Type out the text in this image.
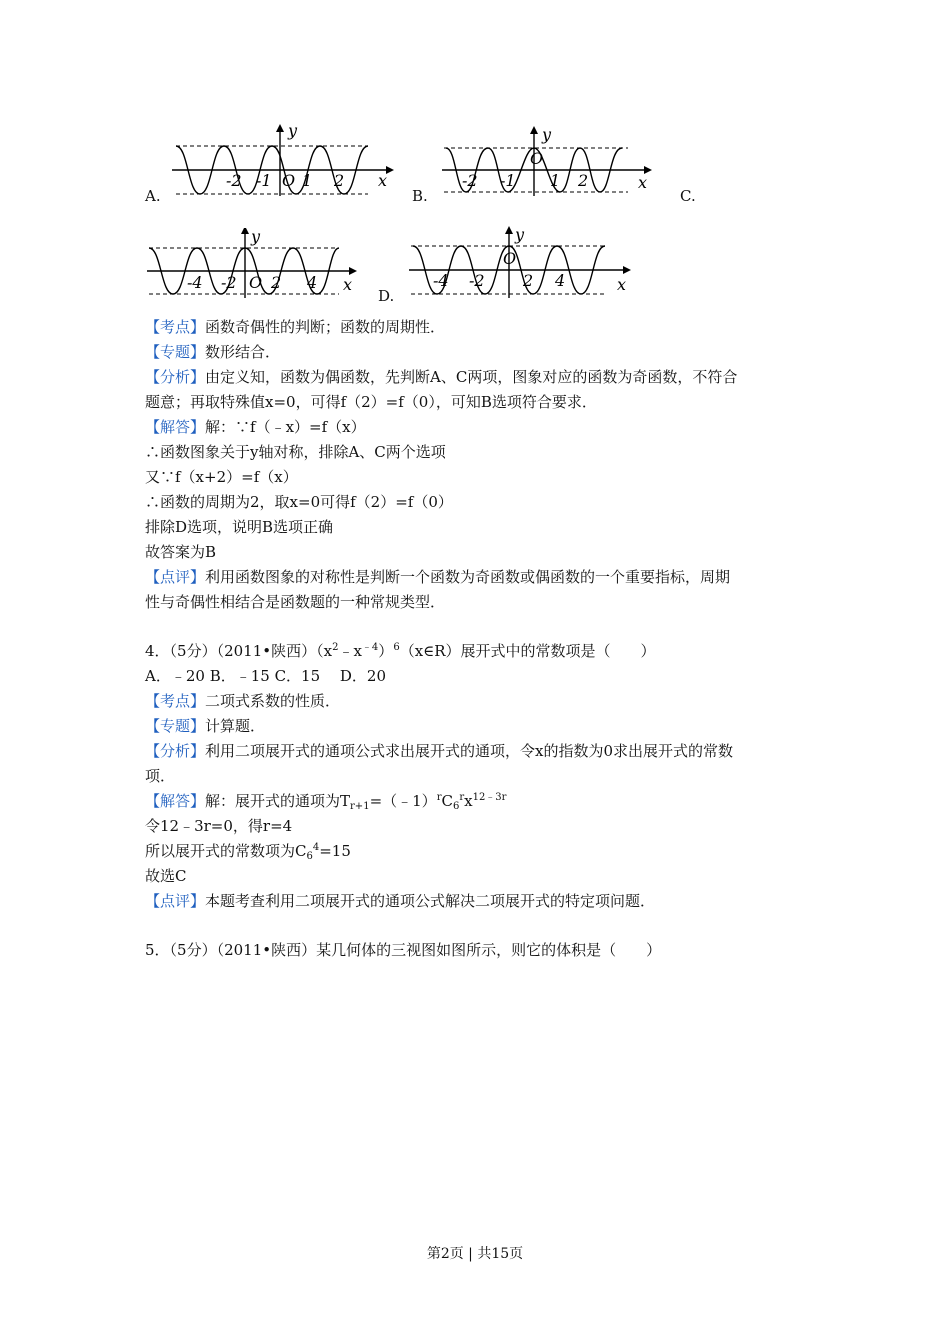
A.
y
x
O
-2 -1 1 2
B.
y
x
O
-2 -1 1 2
C.
y
x
O
-4 -2 2 4
D.
y
x
O
-4 -2 2 4
【考点】函数奇偶性的判断；函数的周期性．
【专题】数形结合．
【分析】由定义知，函数为偶函数，先判断A、C两项，图象对应的函数为奇函数，不符合
题意；再取特殊值x=0，可得f（2）=f（0），可知B选项符合要求．
【解答】解：∵f（﹣x）=f（x）
∴函数图象关于y轴对称，排除A、C两个选项
又∵f（x+2）=f（x）
∴函数的周期为2，取x=0可得f（2）=f（0）
排除D选项，说明B选项正确
故答案为B
【点评】利用函数图象的对称性是判断一个函数为奇函数或偶函数的一个重要指标，周期
性与奇偶性相结合是函数题的一种常规类型．
4．（5分）（2011•陕西）$(x^2﹣x^{﹣4})^6(x\in R)$展开式中的常数项是（　　）
A．﹣20 B．﹣15 C．15　 D．20
【考点】二项式系数的性质．
【专题】计算题．
【分析】利用二项展开式的通项公式求出展开式的通项，令x的指数为0求出展开式的常数
项．
【解答】解：展开式的通项为$T_{r+1}=(﹣1)^rC_6^rx^{12﹣3r}$
令12﹣3r=0，得r=4
所以展开式的常数项为$C_6^4=15$
故选C
【点评】本题考查利用二项展开式的通项公式解决二项展开式的特定项问题．
5．（5分）（2011•陕西）某几何体的三视图如图所示，则它的体积是（　　）
第2页 | 共15页
